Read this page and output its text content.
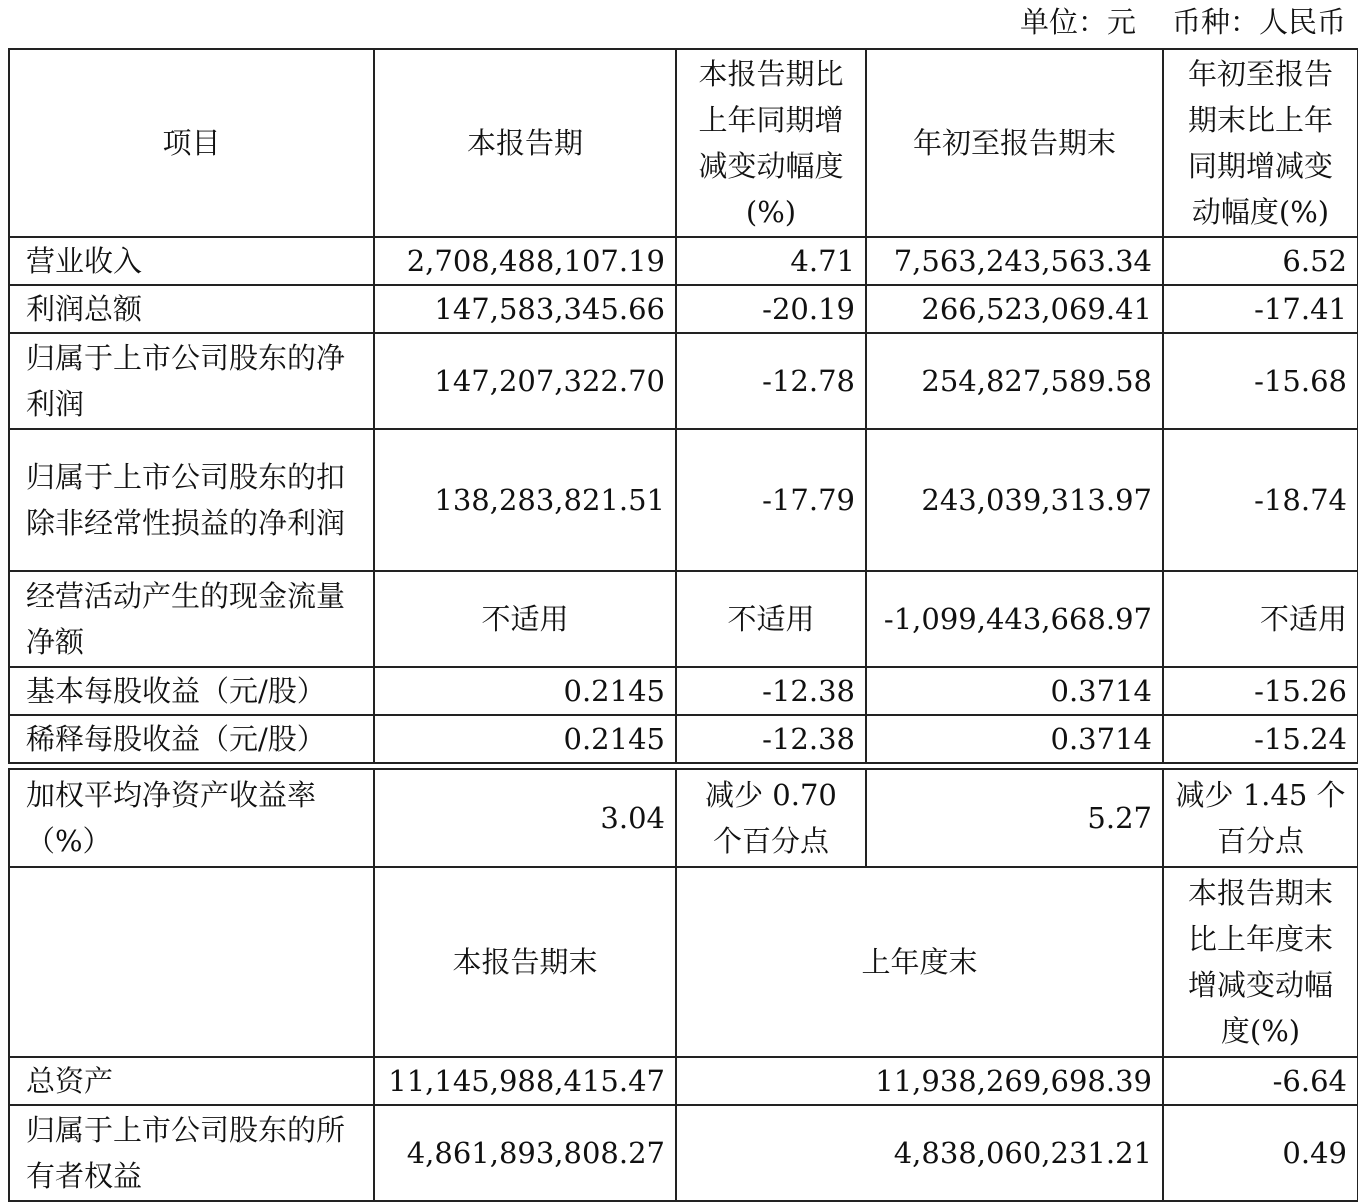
单位：元 币种：人民币
项目	本报告期	本报告期比上年同期增减变动幅度(%)	年初至报告期末	年初至报告期末比上年同期增减变动幅度(%)
营业收入	2,708,488,107.19	4.71	7,563,243,563.34	6.52
利润总额	147,583,345.66	-20.19	266,523,069.41	-17.41
归属于上市公司股东的净利润	147,207,322.70	-12.78	254,827,589.58	-15.68
归属于上市公司股东的扣除非经常性损益的净利润	138,283,821.51	-17.79	243,039,313.97	-18.74
经营活动产生的现金流量净额	不适用	不适用	-1,099,443,668.97	不适用
基本每股收益（元/股）	0.2145	-12.38	0.3714	-15.26
稀释每股收益（元/股）	0.2145	-12.38	0.3714	-15.24
加权平均净资产收益率（%）	3.04	减少 0.70 个百分点	5.27	减少 1.45 个百分点
	本报告期末	上年度末		本报告期末比上年度末增减变动幅度(%)
总资产	11,145,988,415.47	11,938,269,698.39		-6.64
归属于上市公司股东的所有者权益	4,861,893,808.27	4,838,060,231.21		0.49
